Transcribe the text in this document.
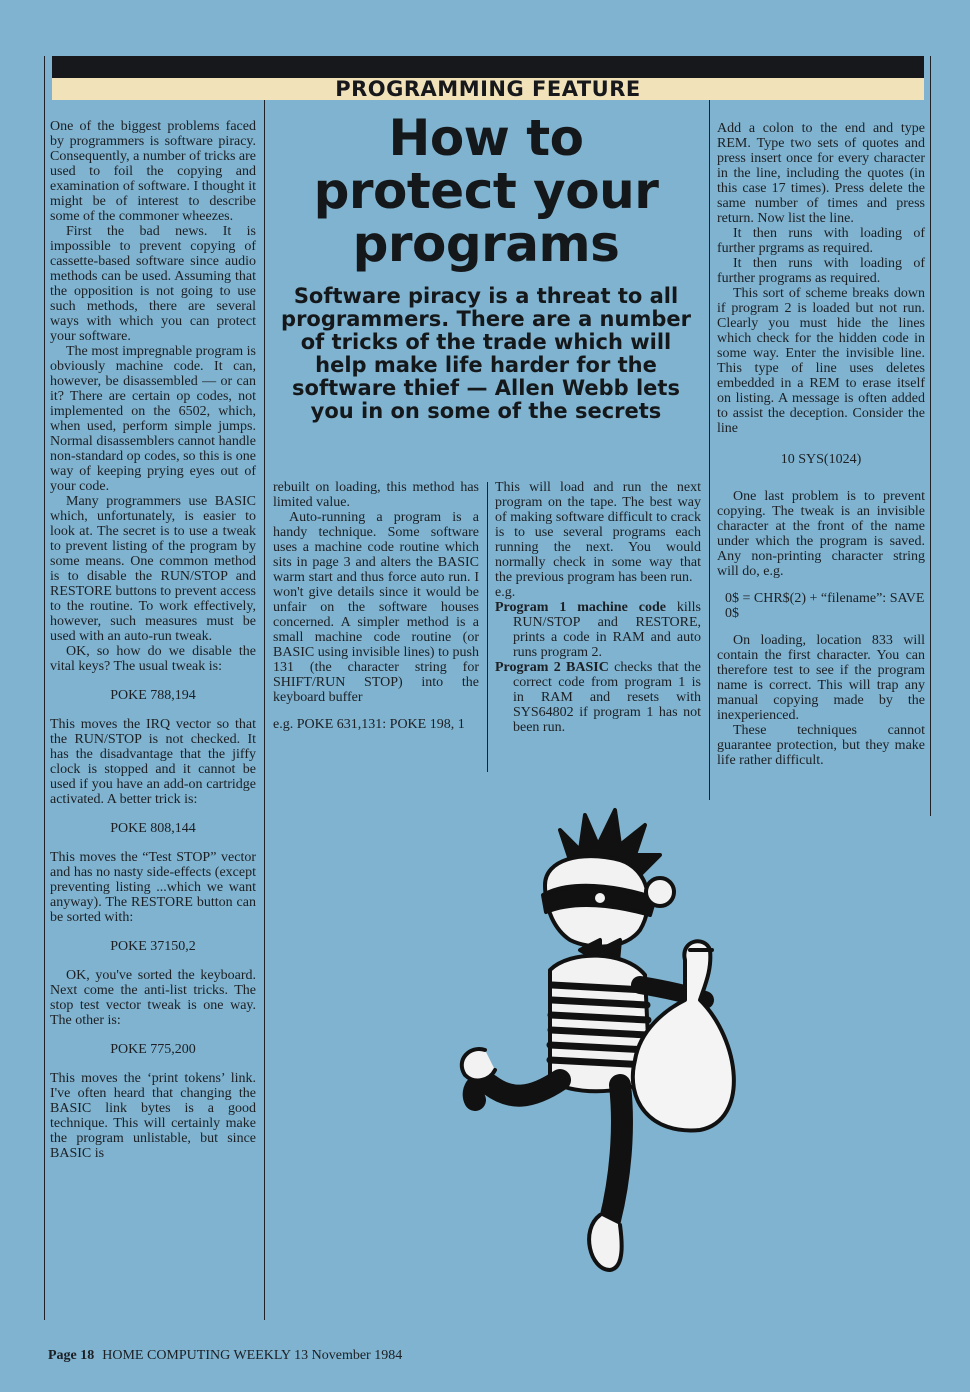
PROGRAMMING FEATURE
How to
protect your
programs
Software piracy is a threat to all programmers. There are a number of tricks of the trade which will help make life harder for the software thief — Allen Webb lets you in on some of the secrets

One of the biggest problems faced by programmers is software piracy. Consequently, a number of tricks are used to foil the copying and examination of software. I thought it might be of interest to describe some of the commoner wheezes.

First the bad news. It is impossible to prevent copying of cassette-based software since audio methods can be used. Assuming that the opposition is not going to use such methods, there are several ways with which you can protect your software.

The most impregnable program is obviously machine code. It can, however, be disassembled — or can it? There are certain op codes, not implemented on the 6502, which, when used, perform simple jumps. Normal disassemblers cannot handle non-standard op codes, so this is one way of keeping prying eyes out of your code.

Many programmers use BASIC which, unfortunately, is easier to look at. The secret is to use a tweak to prevent listing of the program by some means. One common method is to disable the RUN/STOP and RESTORE buttons to prevent access to the routine. To work effectively, however, such measures must be used with an auto-run tweak.

OK, so how do we disable the vital keys? The usual tweak is:

POKE 788,194

This moves the IRQ vector so that the RUN/STOP is not checked. It has the disadvantage that the jiffy clock is stopped and it cannot be used if you have an add-on cartridge activated. A better trick is:

POKE 808,144

This moves the “Test STOP” vector and has no nasty side-effects (except preventing listing ...which we want anyway). The RESTORE button can be sorted with:

POKE 37150,2

OK, you've sorted the keyboard. Next come the anti-list tricks. The stop test vector tweak is one way. The other is:

POKE 775,200

This moves the ‘print tokens’ link. I've often heard that changing the BASIC link bytes is a good technique. This will certainly make the program unlistable, but since BASIC is

rebuilt on loading, this method has limited value.

Auto-running a program is a handy technique. Some software uses a machine code routine which sits in page 3 and alters the BASIC warm start and thus force auto run. I won't give details since it would be unfair on the software houses concerned. A simpler method is a small machine code routine (or BASIC using invisible lines) to push 131 (the character string for SHIFT/RUN STOP) into the keyboard buffer

e.g. POKE 631,131: POKE 198, 1

This will load and run the next program on the tape. The best way of making software difficult to crack is to use several programs each running the next. You would normally check in some way that the previous program has been run.

e.g.

Program 1 machine code kills RUN/STOP and RESTORE, prints a code in RAM and auto runs program 2.

Program 2 BASIC checks that the correct code from program 1 is in RAM and resets with SYS64802 if program 1 has not been run.

Add a colon to the end and type REM. Type two sets of quotes and press insert once for every character in the line, including the quotes (in this case 17 times). Press delete the same number of times and press return. Now list the line.

It then runs with loading of further prgrams as required.

It then runs with loading of further programs as required.

This sort of scheme breaks down if program 2 is loaded but not run. Clearly you must hide the lines which check for the hidden code in some way. Enter the invisible line. This type of line uses deletes embedded in a REM to erase itself on listing. A message is often added to assist the deception. Consider the line

10 SYS(1024)

One last problem is to prevent copying. The tweak is an invisible character at the front of the name under which the program is saved. Any non-printing character string will do, e.g.

0$ = CHR$(2) + “filename”: SAVE 0$

On loading, location 833 will contain the first character. You can therefore test to see if the program name is correct. This will trap any manual copying made by the inexperienced.

These techniques cannot guarantee protection, but they make life rather difficult.

Page 18 HOME COMPUTING WEEKLY 13 November 1984
